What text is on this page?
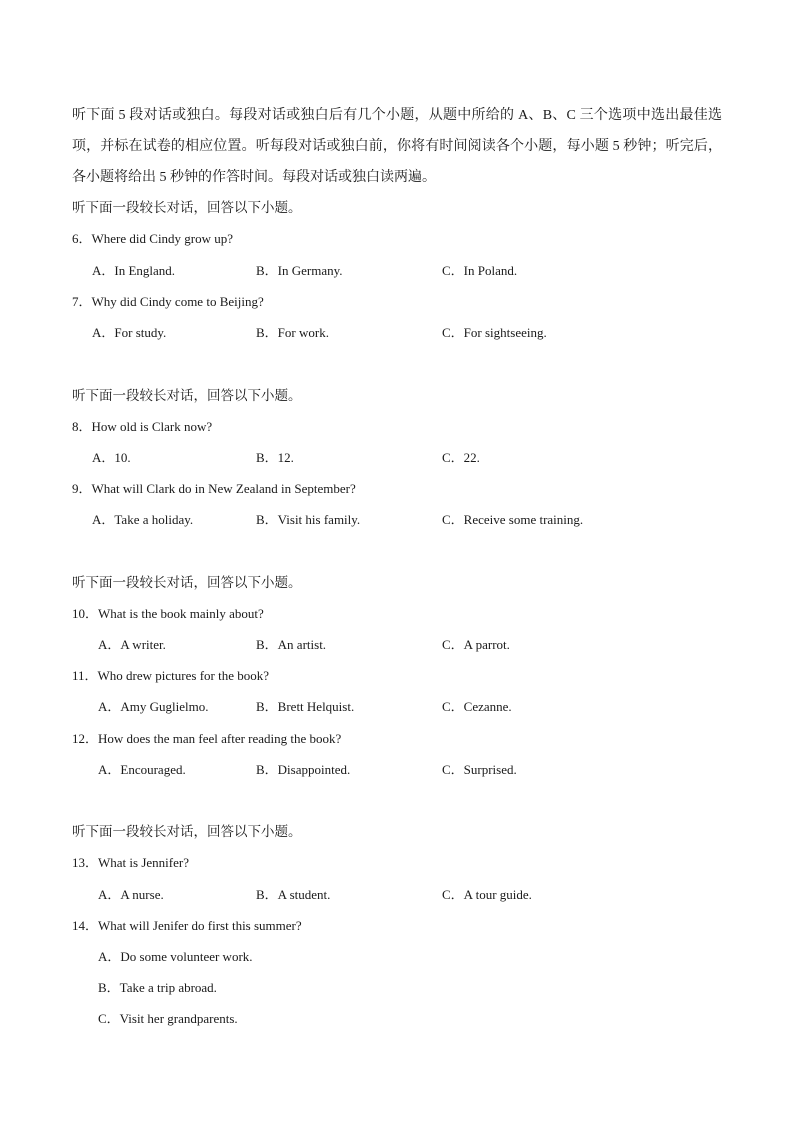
听下面 5 段对话或独白。每段对话或独白后有几个小题，从题中所给的 A、B、C 三个选项中选出最佳选项，并标在试卷的相应位置。听每段对话或独白前，你将有时间阅读各个小题，每小题 5 秒钟；听完后，各小题将给出 5 秒钟的作答时间。每段对话或独白读两遍。
听下面一段较长对话，回答以下小题。
6．Where did Cindy grow up?
A．In England.	B．In Germany.	C．In Poland.
7．Why did Cindy come to Beijing?
A．For study.	B．For work.	C．For sightseeing.
听下面一段较长对话，回答以下小题。
8．How old is Clark now?
A．10.	B．12.	C．22.
9．What will Clark do in New Zealand in September?
A．Take a holiday.	B．Visit his family.	C．Receive some training.
听下面一段较长对话，回答以下小题。
10．What is the book mainly about?
A．A writer.	B．An artist.	C．A parrot.
11．Who drew pictures for the book?
A．Amy Guglielmo.	B．Brett Helquist.	C．Cezanne.
12．How does the man feel after reading the book?
A．Encouraged.	B．Disappointed.	C．Surprised.
听下面一段较长对话，回答以下小题。
13．What is Jennifer?
A．A nurse.	B．A student.	C．A tour guide.
14．What will Jenifer do first this summer?
A．Do some volunteer work.
B．Take a trip abroad.
C．Visit her grandparents.
